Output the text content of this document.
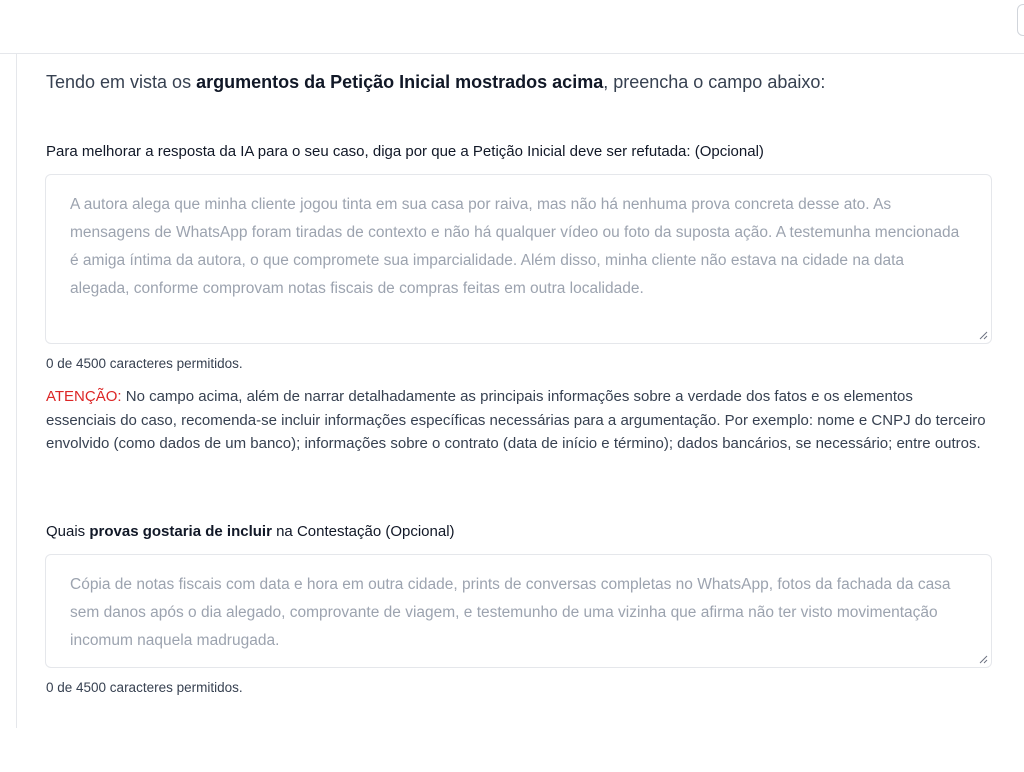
Tendo em vista os argumentos da Petição Inicial mostrados acima, preencha o campo abaixo:
Para melhorar a resposta da IA para o seu caso, diga por que a Petição Inicial deve ser refutada: (Opcional)
A autora alega que minha cliente jogou tinta em sua casa por raiva, mas não há nenhuma prova concreta desse ato. As mensagens de WhatsApp foram tiradas de contexto e não há qualquer vídeo ou foto da suposta ação. A testemunha mencionada é amiga íntima da autora, o que compromete sua imparcialidade. Além disso, minha cliente não estava na cidade na data alegada, conforme comprovam notas fiscais de compras feitas em outra localidade.
0 de 4500 caracteres permitidos.
ATENÇÃO: No campo acima, além de narrar detalhadamente as principais informações sobre a verdade dos fatos e os elementos essenciais do caso, recomenda-se incluir informações específicas necessárias para a argumentação. Por exemplo: nome e CNPJ do terceiro envolvido (como dados de um banco); informações sobre o contrato (data de início e término); dados bancários, se necessário; entre outros.
Quais provas gostaria de incluir na Contestação (Opcional)
Cópia de notas fiscais com data e hora em outra cidade, prints de conversas completas no WhatsApp, fotos da fachada da casa sem danos após o dia alegado, comprovante de viagem, e testemunho de uma vizinha que afirma não ter visto movimentação incomum naquela madrugada.
0 de 4500 caracteres permitidos.
